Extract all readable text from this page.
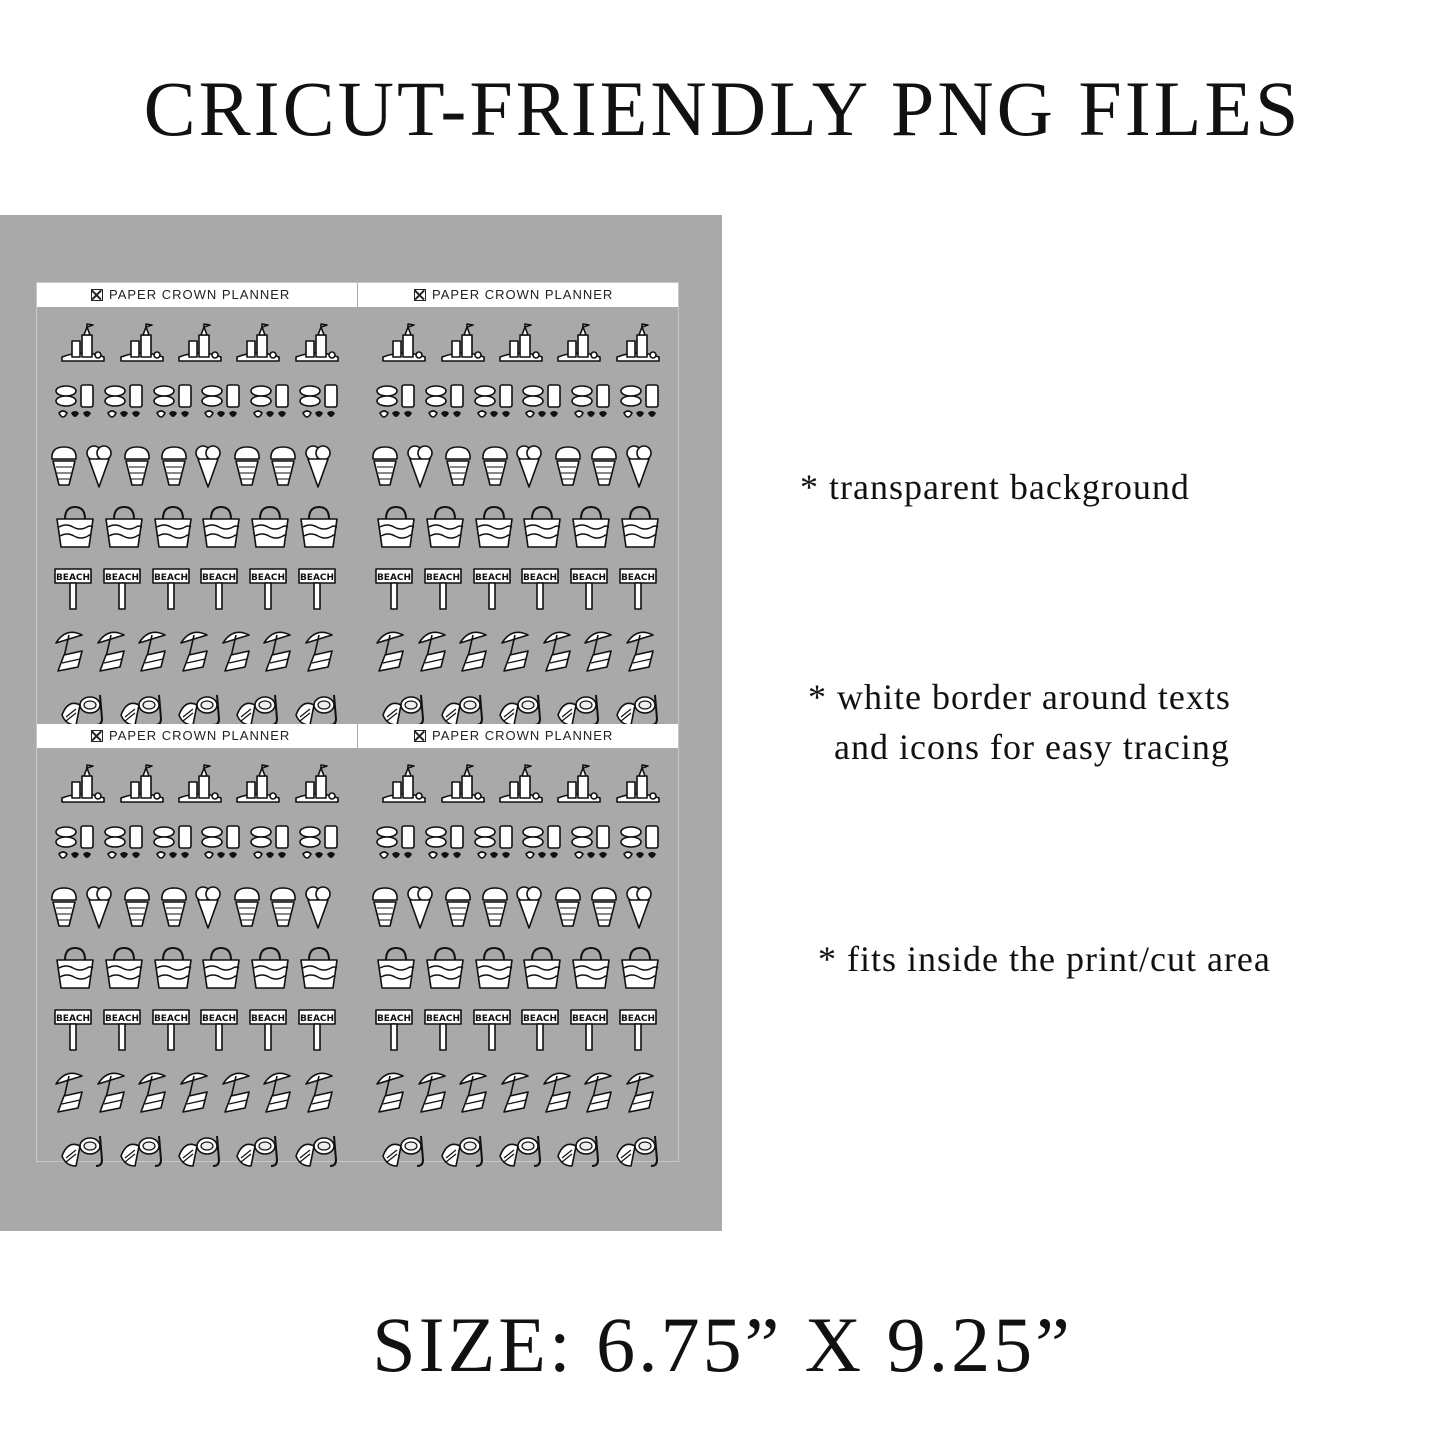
CRICUT-FRIENDLY PNG FILES
PAPER CROWN PLANNER
BEACH BEACH BEACH BEACH BEACH BEACH
PAPER CROWN PLANNER
BEACH BEACH BEACH BEACH BEACH BEACH
PAPER CROWN PLANNER
BEACH BEACH BEACH BEACH BEACH BEACH
PAPER CROWN PLANNER
BEACH BEACH BEACH BEACH BEACH BEACH
* transparent background
* white border around texts
and icons for easy tracing
* fits inside the print/cut area
SIZE: 6.75” X 9.25”
